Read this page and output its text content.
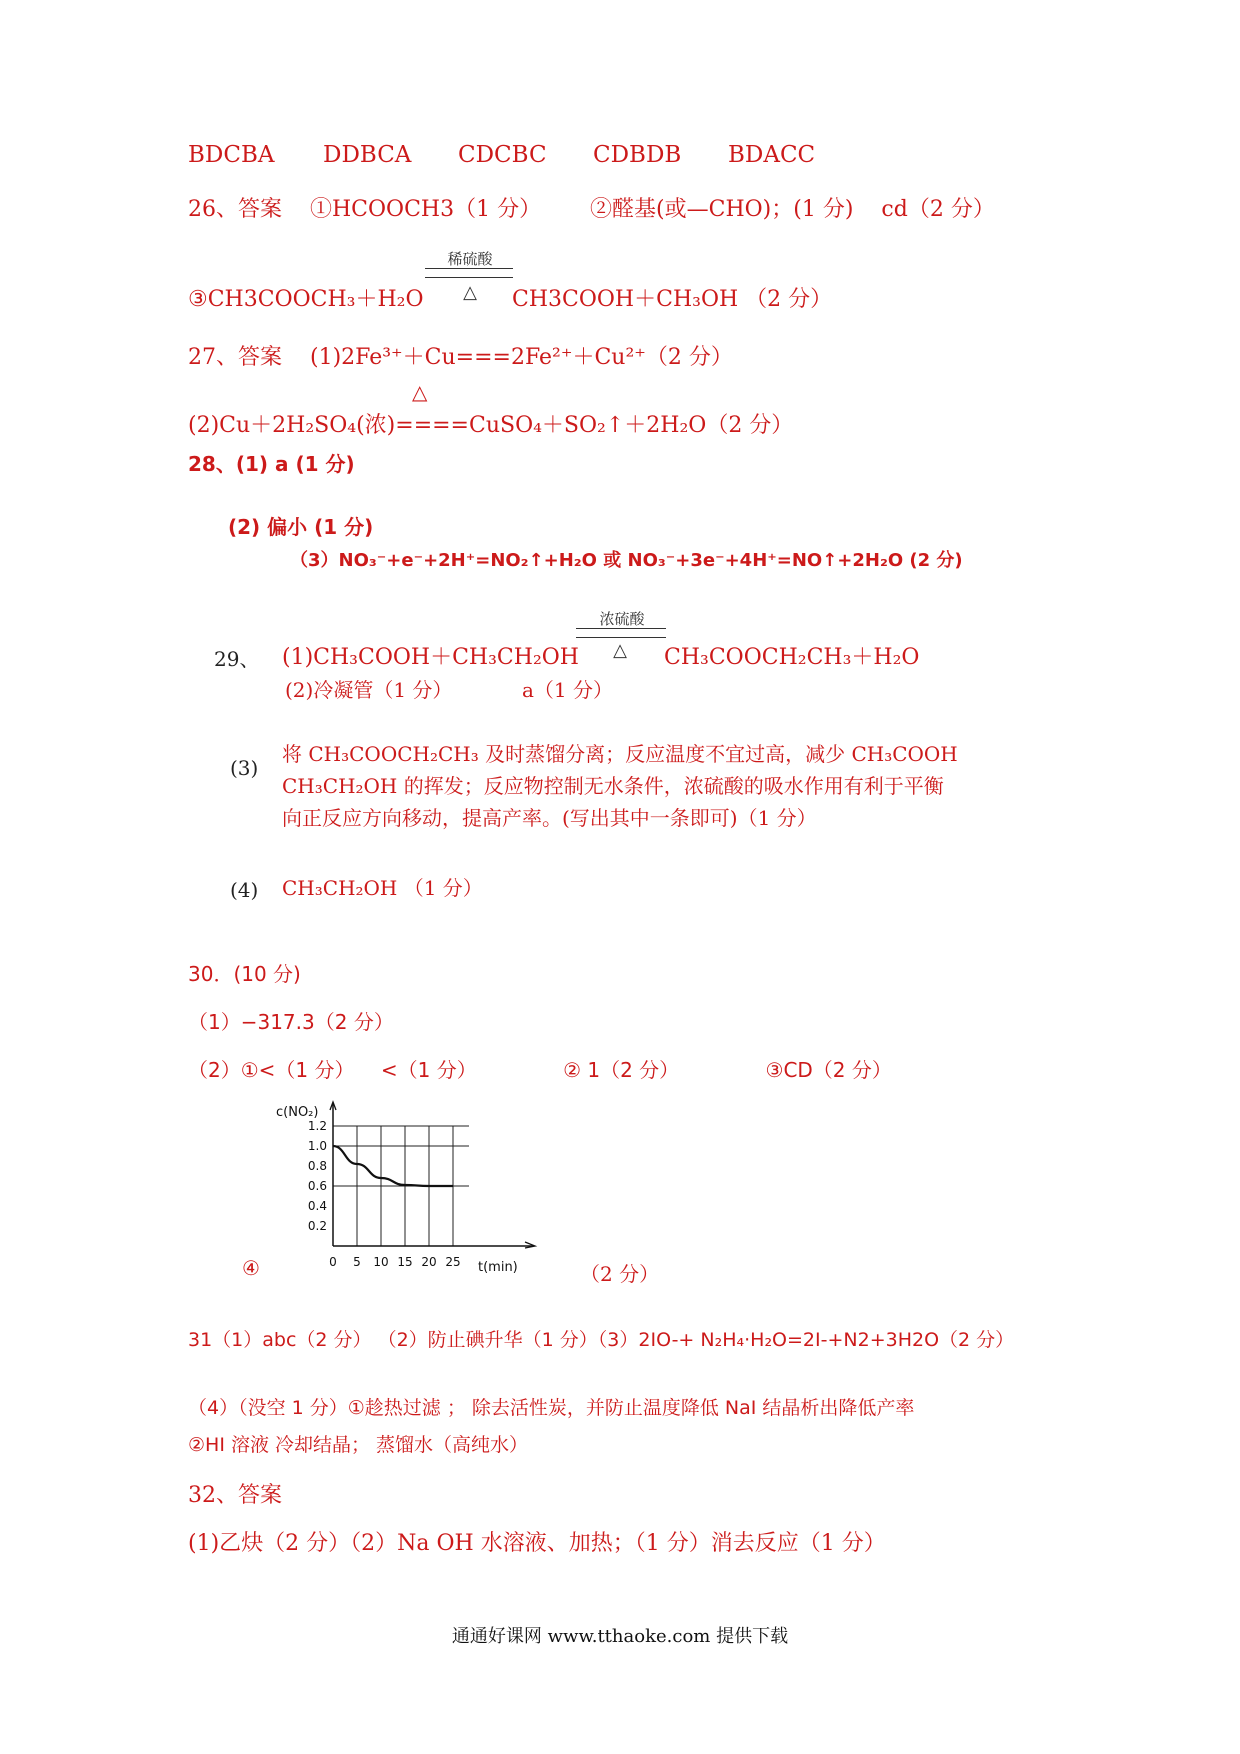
BDCBA DDBCA CDCBC CDBDB BDACC
26、答案 ①HCOOCH3（1 分） ②醛基(或—CHO)；(1 分) cd（2 分）
稀硫酸
△
③CH3COOCH₃＋H₂O	CH3COOH＋CH₃OH （2 分）
27、答案 (1)2Fe³⁺＋Cu===2Fe²⁺＋Cu²⁺（2 分）
△
(2)Cu＋2H₂SO₄(浓)====CuSO₄＋SO₂↑＋2H₂O（2 分）
28、(1) a (1 分)
(2) 偏小 (1 分)
（3）NO₃⁻+e⁻+2H⁺=NO₂↑+H₂O 或 NO₃⁻+3e⁻+4H⁺=NO↑+2H₂O (2 分)
29、 (1)CH₃COOH＋CH₃CH₂OH
浓硫酸
△	CH₃COOCH₂CH₃＋H₂O
(2)冷凝管（1 分）	a（1 分）
(3)
将 CH₃COOCH₂CH₃ 及时蒸馏分离；反应温度不宜过高，减少 CH₃COOH CH₃CH₂OH 的挥发；反应物控制无水条件，浓硫酸的吸水作用有利于平衡向正反应方向移动，提高产率。(写出其中一条即可)（1 分）
(4) CH₃CH₂OH （1 分）
30．(10 分)
（1）−317.3（2 分）
（2）①<（1 分） <（1 分）	② 1（2 分）	③CD（2 分）
0.2
0.4
0.6
0.8
1.0
1.2
0 5 10 15 20 25
c(NO₂)
t(min)
④	（2 分）
31（1）abc（2 分） （2）防止碘升华（1 分）（3）2IO-+ N₂H₄·H₂O=2I-+N2+3H2O（2 分）
（4）（没空 1 分）①趁热过滤 ； 除去活性炭，并防止温度降低 NaI 结晶析出降低产率
②HI 溶液 冷却结晶； 蒸馏水（高纯水）
32、答案
(1)乙炔（2 分）（2）Na OH 水溶液、加热；（1 分）消去反应（1 分）
通通好课网 www.tthaoke.com 提供下载
